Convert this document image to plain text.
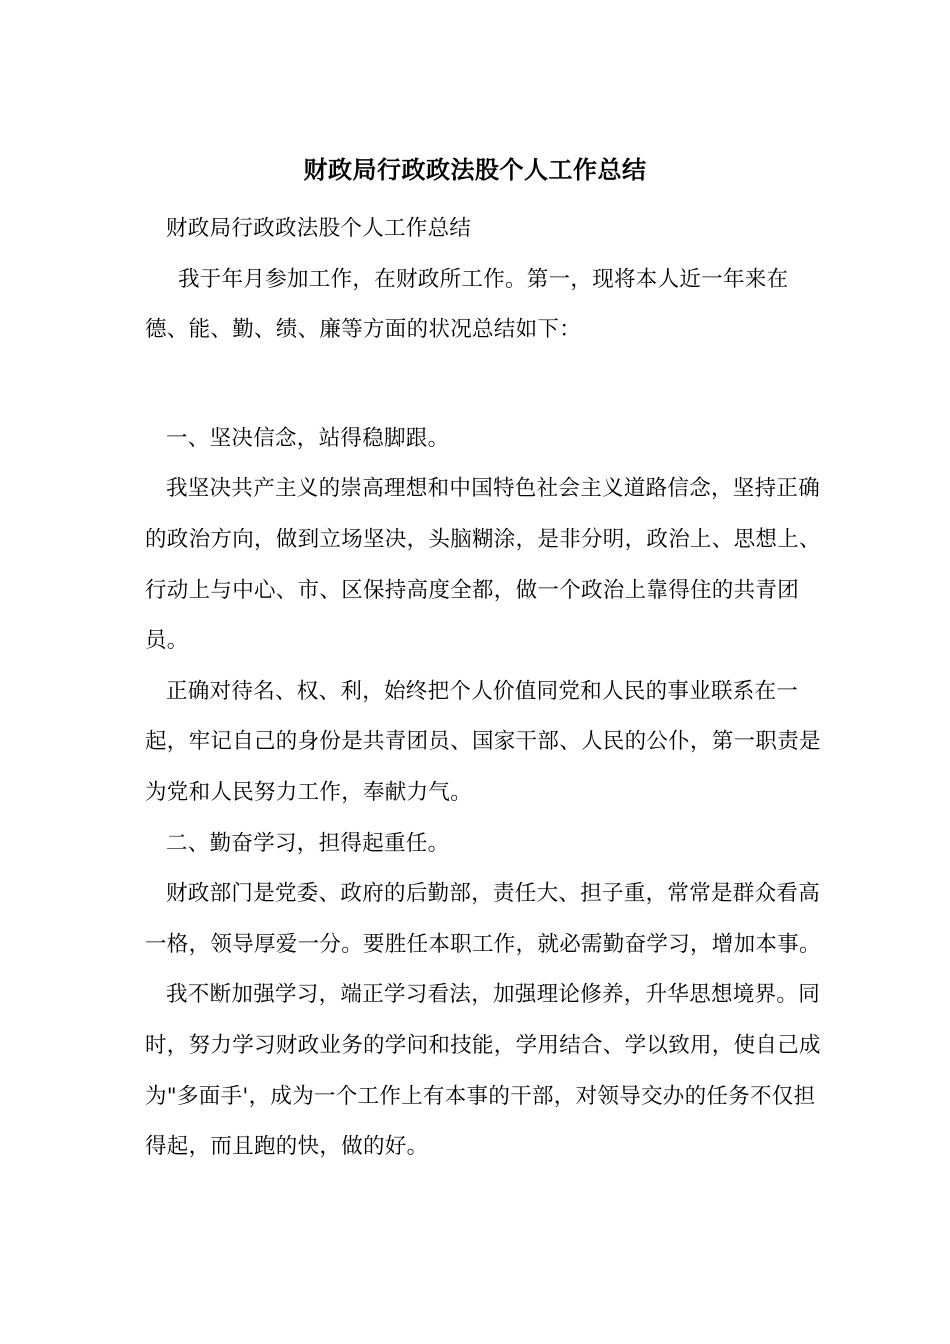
财政局行政政法股个人工作总结

财政局行政政法股个人工作总结

我于年月参加工作，在财政所工作。第一，现将本人近一年来在德、能、勤、绩、廉等方面的状况总结如下：

一、坚决信念，站得稳脚跟。

我坚决共产主义的崇高理想和中国特色社会主义道路信念，坚持正确的政治方向，做到立场坚决，头脑糊涂，是非分明，政治上、思想上、行动上与中心、市、区保持高度全都，做一个政治上靠得住的共青团员。

正确对待名、权、利，始终把个人价值同党和人民的事业联系在一起，牢记自己的身份是共青团员、国家干部、人民的公仆，第一职责是为党和人民努力工作，奉献力气。

二、勤奋学习，担得起重任。

财政部门是党委、政府的后勤部，责任大、担子重，常常是群众看高一格，领导厚爱一分。要胜任本职工作，就必需勤奋学习，增加本事。

我不断加强学习，端正学习看法，加强理论修养，升华思想境界。同时，努力学习财政业务的学问和技能，学用结合、学以致用，使自己成为"多面手'，成为一个工作上有本事的干部，对领导交办的任务不仅担得起，而且跑的快，做的好。
